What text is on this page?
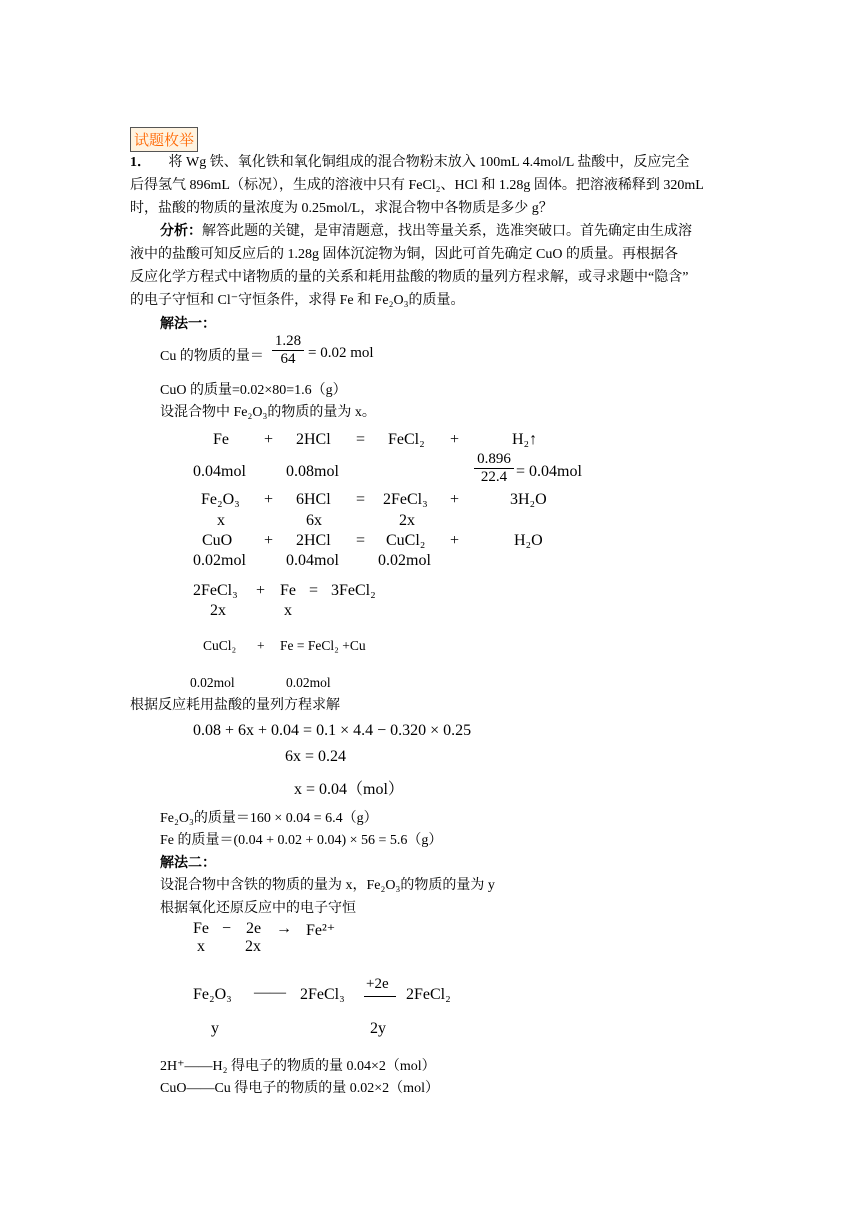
试题枚举
1． 将 Wg 铁、氧化铁和氧化铜组成的混合物粉末放入 100mL 4.4mol/L 盐酸中，反应完全
后得氢气 896mL（标况），生成的溶液中只有 FeCl₂、HCl 和 1.28g 固体。把溶液稀释到 320mL
时，盐酸的物质的量浓度为 0.25mol/L，求混合物中各物质是多少 g？
分析：解答此题的关键，是审清题意，找出等量关系，选准突破口。首先确定由生成溶
液中的盐酸可知反应后的 1.28g 固体沉淀物为铜，因此可首先确定 CuO 的质量。再根据各
反应化学方程式中诸物质的量的关系和耗用盐酸的物质的量列方程求解，或寻求题中“隐含”
的电子守恒和 Cl⁻守恒条件，求得 Fe 和 Fe₂O₃的质量。
解法一：
Cu 的物质的量＝
1.28
64 = 0.02 mol
CuO 的质量=0.02×80=1.6（g）
设混合物中 Fe₂O₃的物质的量为 x。
Fe + 2HCl = FeCl₂ +	H₂↑
0.04mol	0.08mol
0.896
22.4 = 0.04mol
Fe₂O₃ + 6HCl = 2FeCl₃ +	3H₂O
x	6x	2x
CuO + 2HCl = CuCl₂ +	H₂O
0.02mol	0.04mol 0.02mol
2FeCl₃ + Fe = 3FeCl₂
2x	x
CuCl₂ + Fe = FeCl₂ +Cu
0.02mol	0.02mol
根据反应耗用盐酸的量列方程求解
0.08 + 6x + 0.04 = 0.1 × 4.4 − 0.320 × 0.25
6x = 0.24
x = 0.04（mol）
Fe₂O₃的质量＝160 × 0.04 = 6.4（g）
Fe 的质量＝(0.04 + 0.02 + 0.04) × 56 = 5.6（g）
解法二：
设混合物中含铁的物质的量为 x，Fe₂O₃的物质的量为 y
根据氧化还原反应中的电子守恒
Fe − 2e → Fe²⁺
x	2x
Fe₂O₃ —— 2FeCl₃
+2e
2FeCl₂
y	2y
2H⁺——H₂ 得电子的物质的量 0.04×2（mol）
CuO——Cu 得电子的物质的量 0.02×2（mol）
